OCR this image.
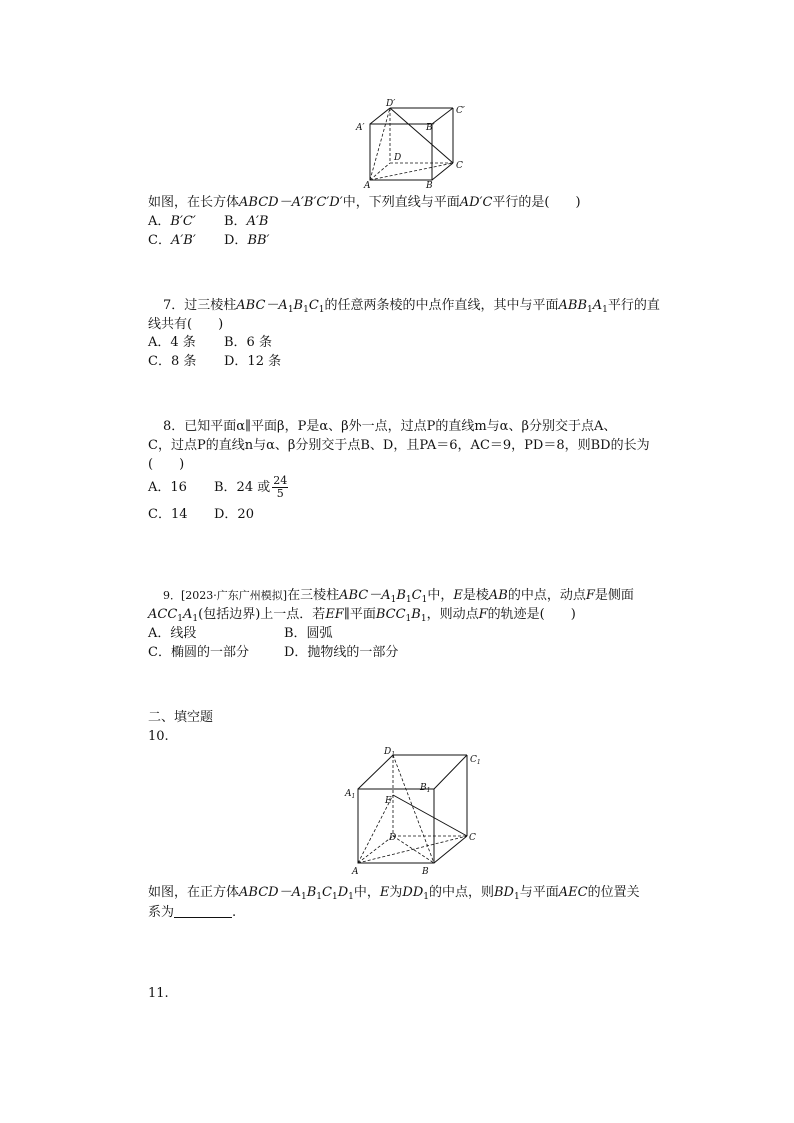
D′
C′
A′	B′
D
C
A	B
如图，在长方体ABCD－A′B′C′D′中，下列直线与平面AD′C平行的是(　　)
A．B′C′ B．A′B
C．A′B′ D．BB′
7．过三棱柱$ABC-A_1B_1C_1$的任意两条棱的中点作直线，其中与平面$ABB_1A_1$平行的直
线共有(　　)
A．4 条 B．6 条
C．8 条 D．12 条
8．已知平面α∥平面β，P是α、β外一点，过点P的直线m与α、β分别交于点A、
C，过点P的直线n与α、β分别交于点B、D，且PA＝6，AC＝9，PD＝8，则BD的长为
(　　)
A．16 B．24 或 $\frac{24}{5}$
C．14 D．20
9．[2023·广东广州模拟]在三棱柱$ABC-A_1B_1C_1$中，E是棱AB的中点，动点F是侧面
$ACC_1A_1$(包括边界)上一点．若EF∥平面$BCC_1B_1$，则动点F的轨迹是(　　)
A．线段	B．圆弧
C．椭圆的一部分	D．抛物线的一部分
二、填空题
10.
$D_1$
$C_1$
$A_1$
$B_1$
E
D	C
A	B
如图，在正方体$ABCD-A_1B_1C_1D_1$中，E为$DD_1$的中点，则$BD_1$与平面AEC的位置关
系为	.
11.
